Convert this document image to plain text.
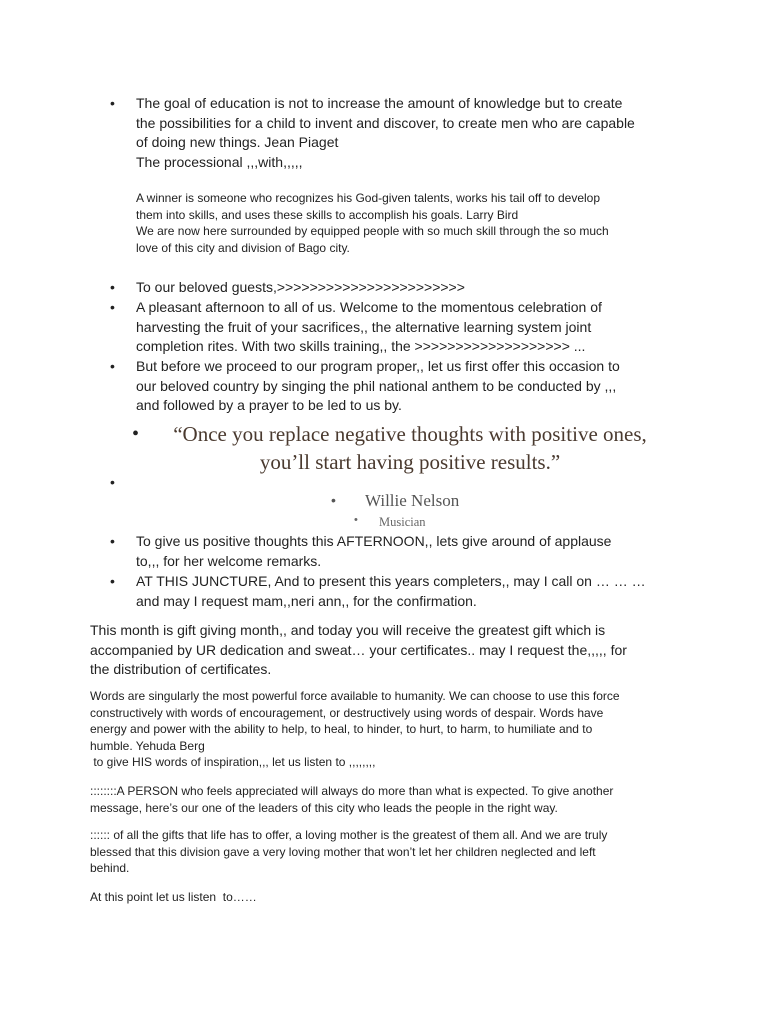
• The goal of education is not to increase the amount of knowledge but to create
the possibilities for a child to invent and discover, to create men who are capable
of doing new things. Jean Piaget
The processional ,,,with,,,,,
A winner is someone who recognizes his God-given talents, works his tail off to develop
them into skills, and uses these skills to accomplish his goals. Larry Bird
We are now here surrounded by equipped people with so much skill through the so much
love of this city and division of Bago city.
• To our beloved guests,>>>>>>>>>>>>>>>>>>>>>>>
• A pleasant afternoon to all of us. Welcome to the momentous celebration of
harvesting the fruit of your sacrifices,, the alternative learning system joint
completion rites. With two skills training,, the >>>>>>>>>>>>>>>>>>> ...
• But before we proceed to our program proper,, let us first offer this occasion to
our beloved country by singing the phil national anthem to be conducted by ,,,
and followed by a prayer to be led to us by.
•	“Once you replace negative thoughts with positive ones,
you’ll start having positive results.”
•
• Willie Nelson
• Musician
• To give us positive thoughts this AFTERNOON,, lets give around of applause
to,,, for her welcome remarks.
• AT THIS JUNCTURE, And to present this years completers,, may I call on … … …
and may I request mam,,neri ann,, for the confirmation.
This month is gift giving month,, and today you will receive the greatest gift which is
accompanied by UR dedication and sweat… your certificates.. may I request the,,,,, for
the distribution of certificates.
Words are singularly the most powerful force available to humanity. We can choose to use this force
constructively with words of encouragement, or destructively using words of despair. Words have
energy and power with the ability to help, to heal, to hinder, to hurt, to harm, to humiliate and to
humble. Yehuda Berg
to give HIS words of inspiration,,, let us listen to ,,,,,,,,
::::::::A PERSON who feels appreciated will always do more than what is expected. To give another
message, here’s our one of the leaders of this city who leads the people in the right way.
:::::: of all the gifts that life has to offer, a loving mother is the greatest of them all. And we are truly
blessed that this division gave a very loving mother that won’t let her children neglected and left
behind.
At this point let us listen  to……
